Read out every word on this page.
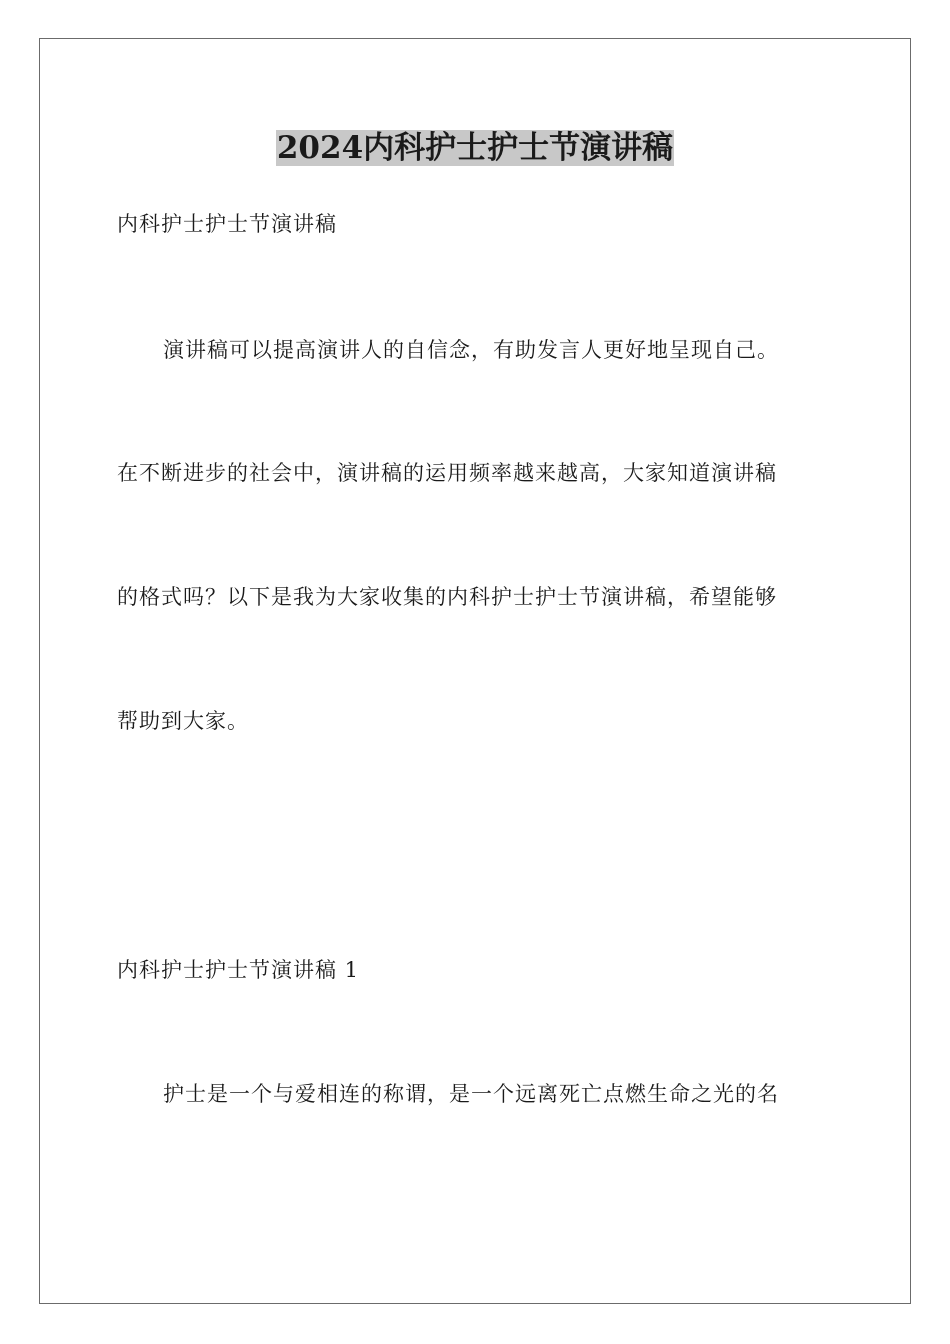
2024内科护士护士节演讲稿
内科护士护士节演讲稿
演讲稿可以提高演讲人的自信念，有助发言人更好地呈现自己。
在不断进步的社会中，演讲稿的运用频率越来越高，大家知道演讲稿
的格式吗？以下是我为大家收集的内科护士护士节演讲稿，希望能够
帮助到大家。
内科护士护士节演讲稿 1
护士是一个与爱相连的称谓，是一个远离死亡点燃生命之光的名
